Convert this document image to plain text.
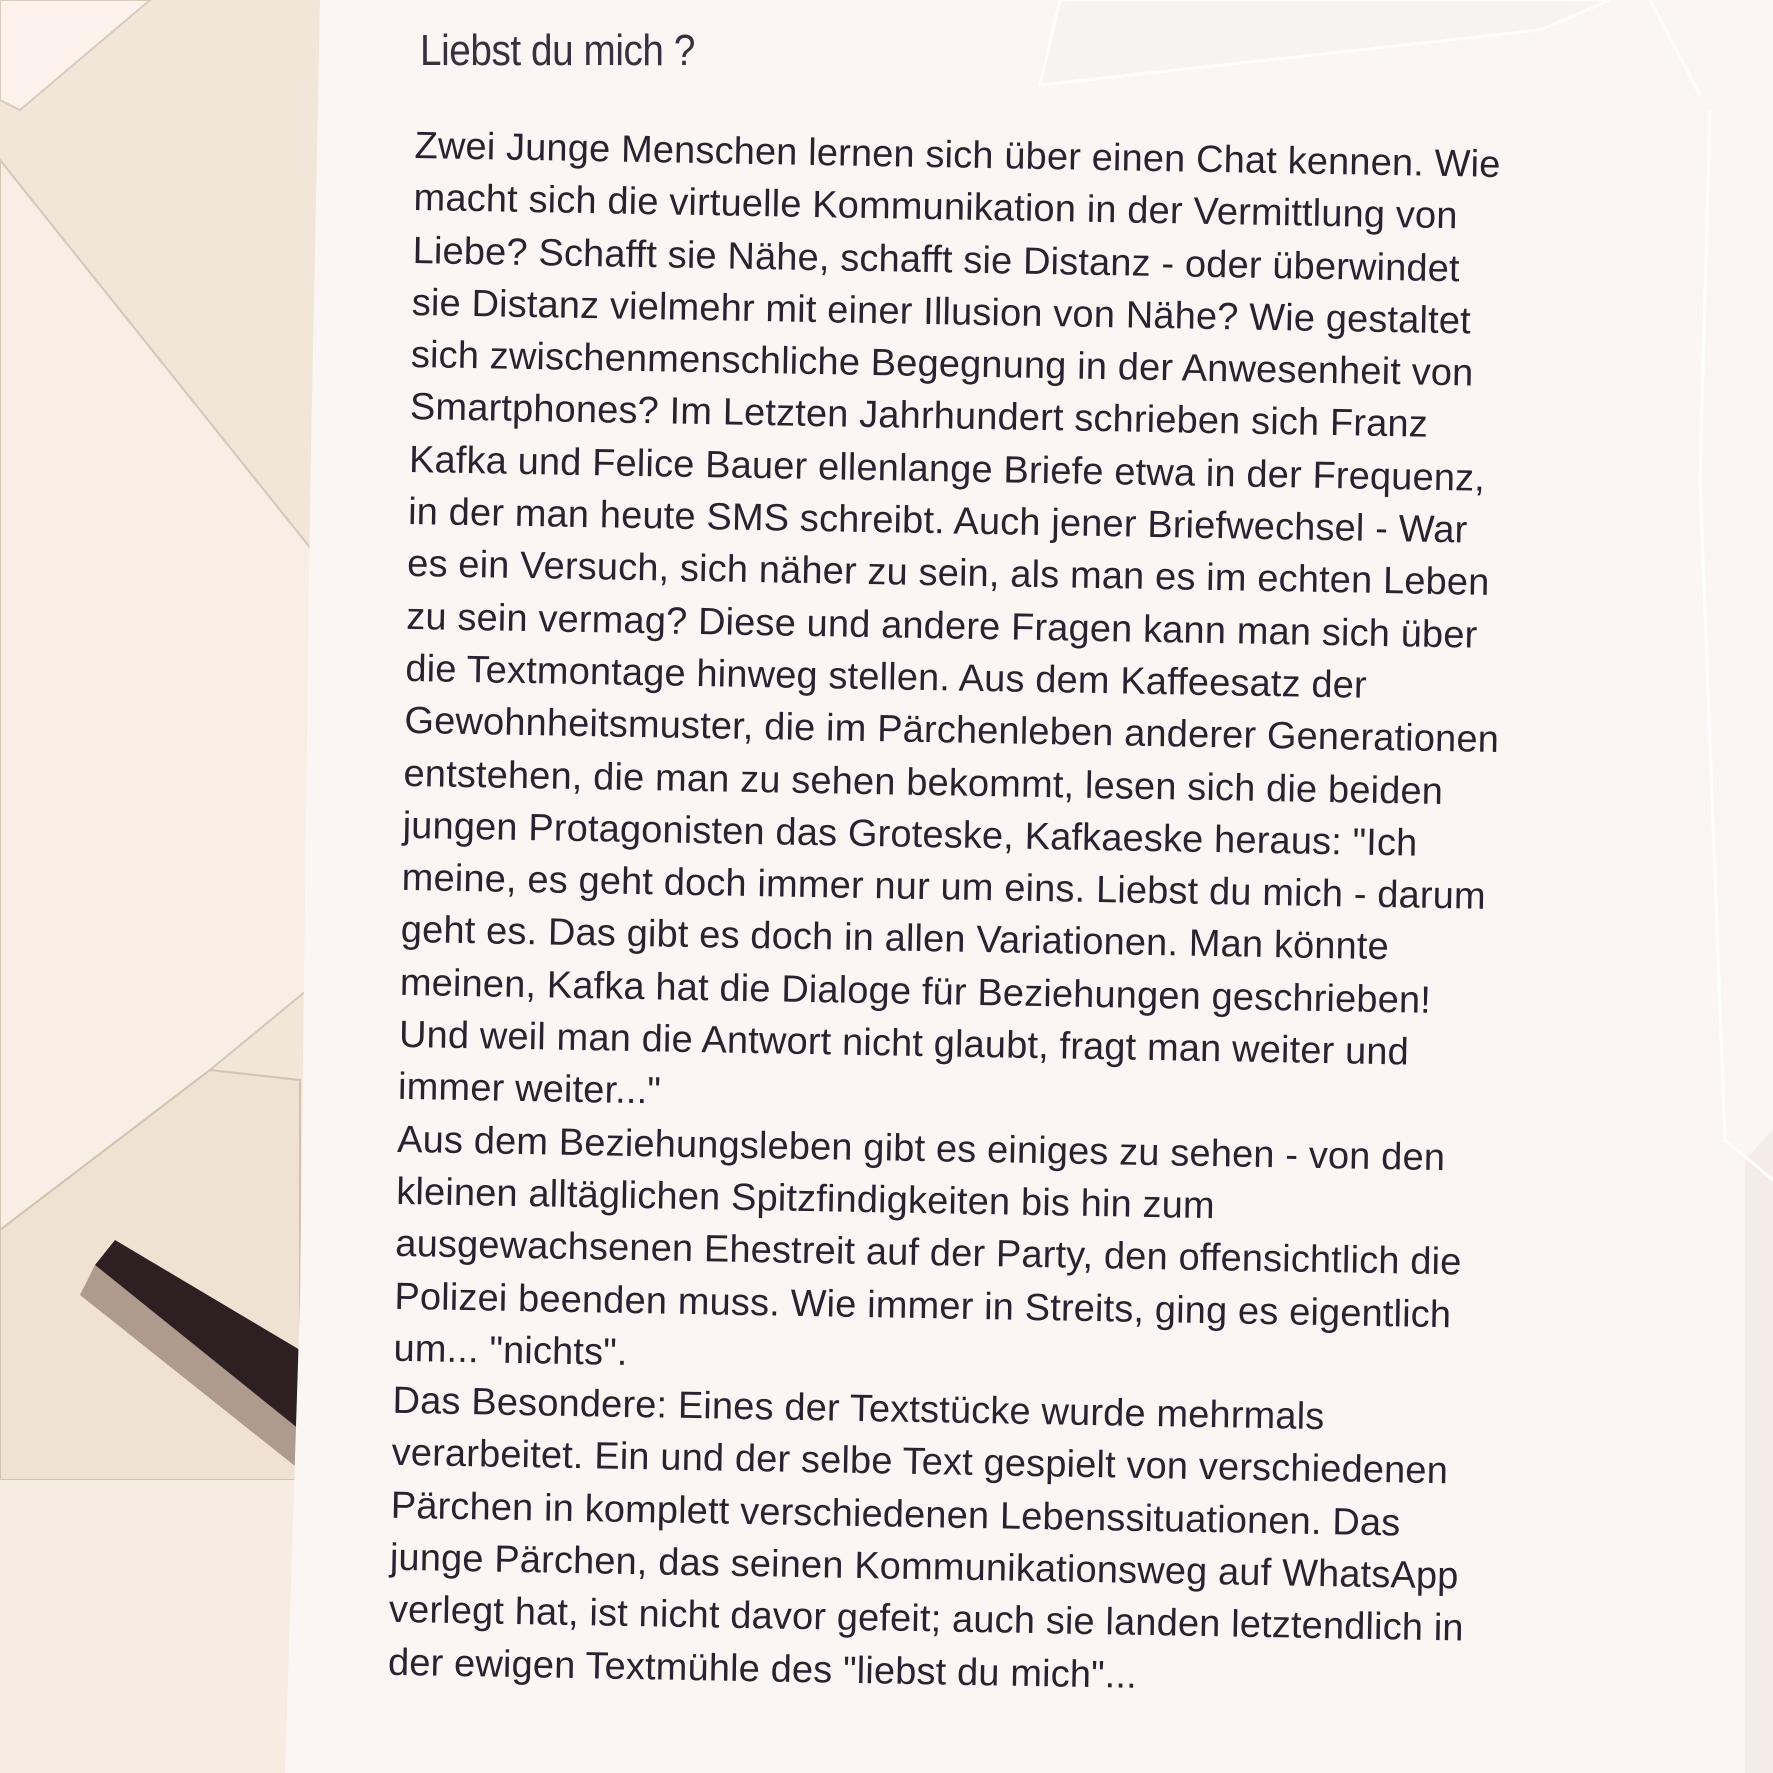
Liebst du mich ?
Zwei Junge Menschen lernen sich über einen Chat kennen. Wie
macht sich die virtuelle Kommunikation in der Vermittlung von
Liebe? Schafft sie Nähe, schafft sie Distanz - oder überwindet
sie Distanz vielmehr mit einer Illusion von Nähe? Wie gestaltet
sich zwischenmenschliche Begegnung in der Anwesenheit von
Smartphones? Im Letzten Jahrhundert schrieben sich Franz
Kafka und Felice Bauer ellenlange Briefe etwa in der Frequenz,
in der man heute SMS schreibt. Auch jener Briefwechsel - War
es ein Versuch, sich näher zu sein, als man es im echten Leben
zu sein vermag? Diese und andere Fragen kann man sich über
die Textmontage hinweg stellen. Aus dem Kaffeesatz der
Gewohnheitsmuster, die im Pärchenleben anderer Generationen
entstehen, die man zu sehen bekommt, lesen sich die beiden
jungen Protagonisten das Groteske, Kafkaeske heraus: "Ich
meine, es geht doch immer nur um eins. Liebst du mich - darum
geht es. Das gibt es doch in allen Variationen. Man könnte
meinen, Kafka hat die Dialoge für Beziehungen geschrieben!
Und weil man die Antwort nicht glaubt, fragt man weiter und
immer weiter..."
Aus dem Beziehungsleben gibt es einiges zu sehen - von den
kleinen alltäglichen Spitzfindigkeiten bis hin zum
ausgewachsenen Ehestreit auf der Party, den offensichtlich die
Polizei beenden muss. Wie immer in Streits, ging es eigentlich
um... "nichts".
Das Besondere: Eines der Textstücke wurde mehrmals
verarbeitet. Ein und der selbe Text gespielt von verschiedenen
Pärchen in komplett verschiedenen Lebenssituationen. Das
junge Pärchen, das seinen Kommunikationsweg auf WhatsApp
verlegt hat, ist nicht davor gefeit; auch sie landen letztendlich in
der ewigen Textmühle des "liebst du mich"...
